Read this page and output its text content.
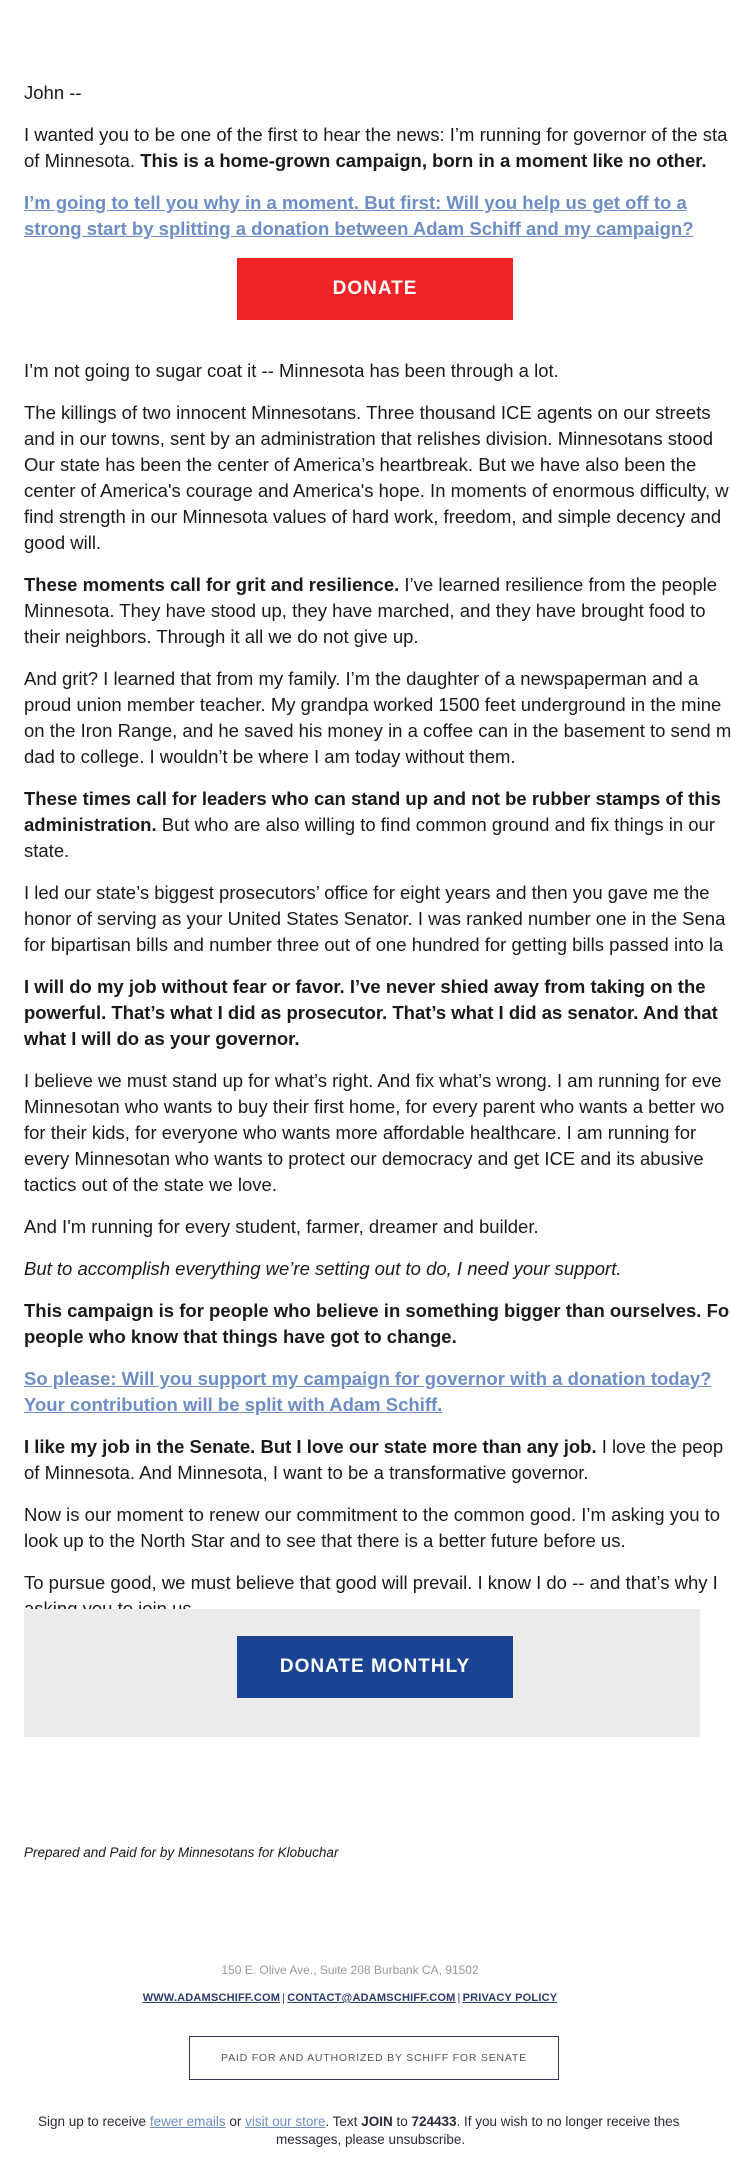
John --

I wanted you to be one of the first to hear the news: I’m running for governor of the sta
of Minnesota. This is a home-grown campaign, born in a moment like no other.

I’m going to tell you why in a moment. But first: Will you help us get off to a
strong start by splitting a donation between Adam Schiff and my campaign?
DONATE

I’m not going to sugar coat it -- Minnesota has been through a lot.

The killings of two innocent Minnesotans. Three thousand ICE agents on our streets
and in our towns, sent by an administration that relishes division. Minnesotans stood
Our state has been the center of America’s heartbreak. But we have also been the
center of America's courage and America's hope. In moments of enormous difficulty, w
find strength in our Minnesota values of hard work, freedom, and simple decency and
good will.

These moments call for grit and resilience. I’ve learned resilience from the people
Minnesota. They have stood up, they have marched, and they have brought food to
their neighbors. Through it all we do not give up.

And grit? I learned that from my family. I’m the daughter of a newspaperman and a
proud union member teacher. My grandpa worked 1500 feet underground in the mine
on the Iron Range, and he saved his money in a coffee can in the basement to send m
dad to college. I wouldn’t be where I am today without them.

These times call for leaders who can stand up and not be rubber stamps of this
administration. But who are also willing to find common ground and fix things in our
state.

I led our state’s biggest prosecutors’ office for eight years and then you gave me the
honor of serving as your United States Senator. I was ranked number one in the Sena
for bipartisan bills and number three out of one hundred for getting bills passed into la

I will do my job without fear or favor. I’ve never shied away from taking on the
powerful. That’s what I did as prosecutor. That’s what I did as senator. And that
what I will do as your governor.

I believe we must stand up for what’s right. And fix what’s wrong. I am running for eve
Minnesotan who wants to buy their first home, for every parent who wants a better wo
for their kids, for everyone who wants more affordable healthcare. I am running for
every Minnesotan who wants to protect our democracy and get ICE and its abusive
tactics out of the state we love.

And I'm running for every student, farmer, dreamer and builder.

But to accomplish everything we’re setting out to do, I need your support.

This campaign is for people who believe in something bigger than ourselves. Fo
people who know that things have got to change.

So please: Will you support my campaign for governor with a donation today?
Your contribution will be split with Adam Schiff.

I like my job in the Senate. But I love our state more than any job. I love the peop
of Minnesota. And Minnesota, I want to be a transformative governor.

Now is our moment to renew our commitment to the common good. I’m asking you to
look up to the North Star and to see that there is a better future before us.

To pursue good, we must believe that good will prevail. I know I do -- and that’s why I

DONATE MONTHLY
Prepared and Paid for by Minnesotans for Klobuchar
150 E. Olive Ave., Suite 208 Burbank CA, 91502
WWW.ADAMSCHIFF.COM | CONTACT@ADAMSCHIFF.COM | PRIVACY POLICY
PAID FOR AND AUTHORIZED BY SCHIFF FOR SENATE
Sign up to receive fewer emails or visit our store. Text JOIN to 724433. If you wish to no longer receive thes
messages, please unsubscribe.
